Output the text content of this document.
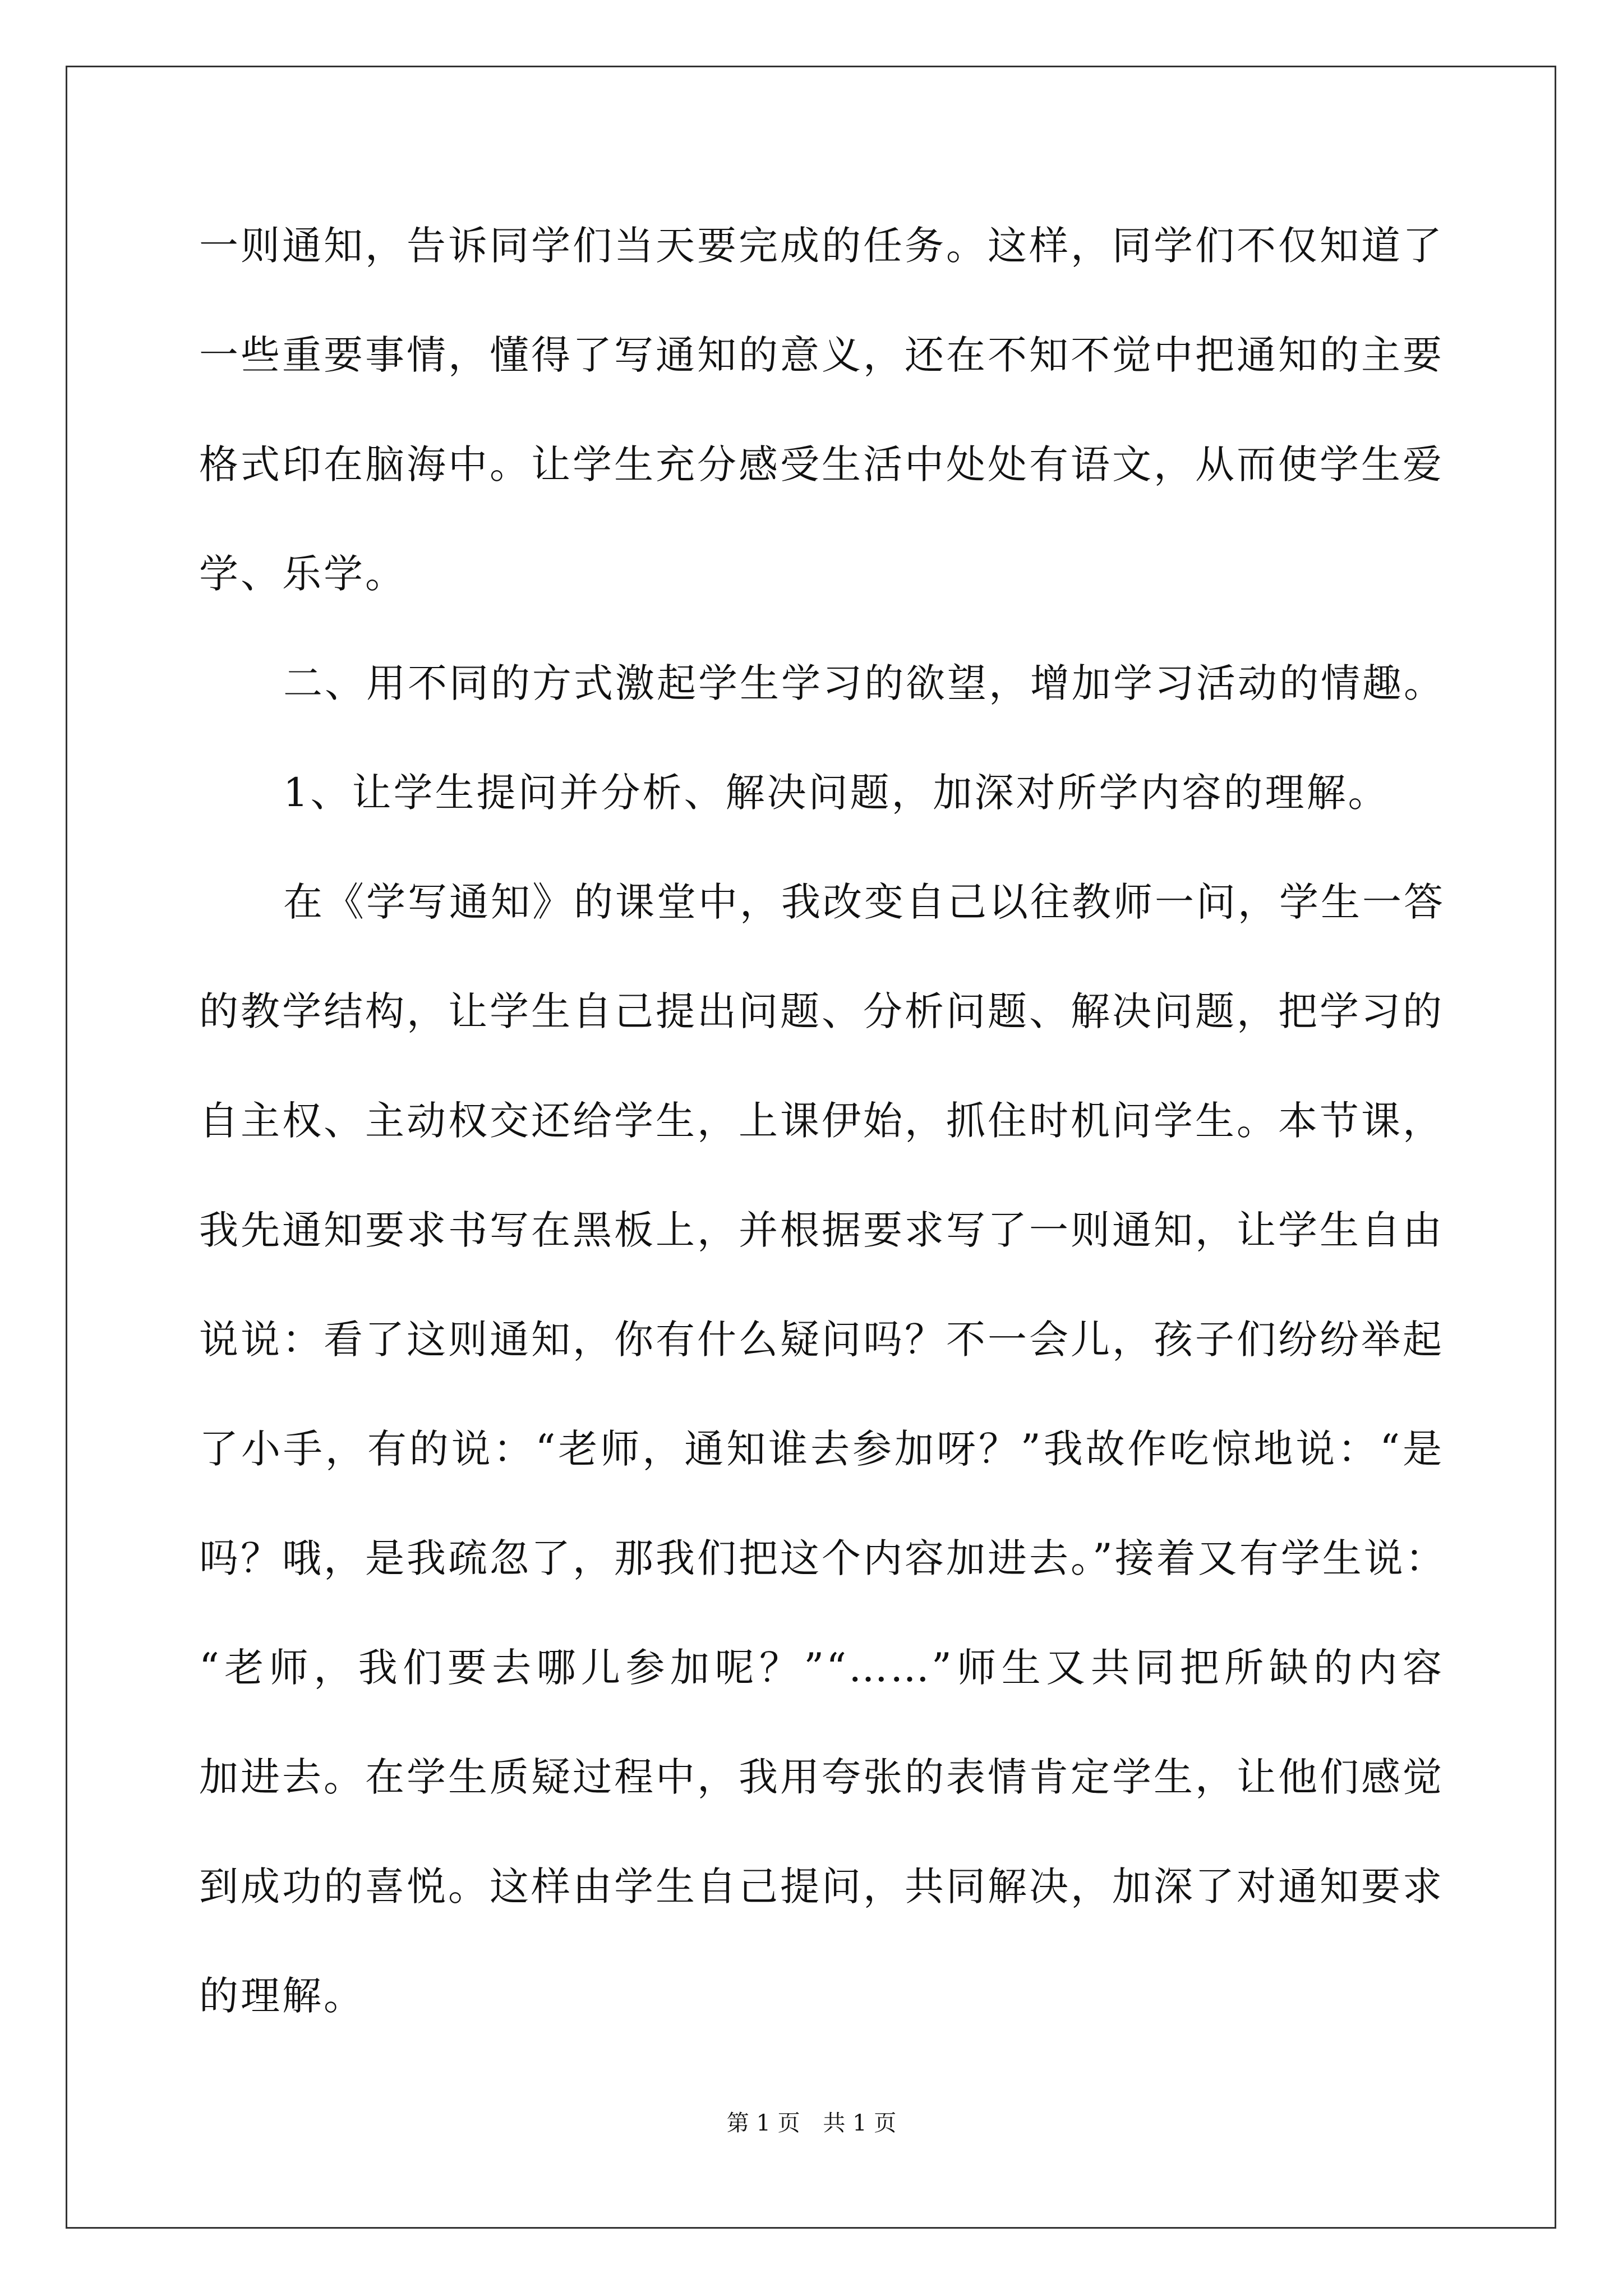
一则通知，告诉同学们当天要完成的任务。这样，同学们不仅知道了
一些重要事情，懂得了写通知的意义，还在不知不觉中把通知的主要
格式印在脑海中。让学生充分感受生活中处处有语文，从而使学生爱
学、乐学。
二、用不同的方式激起学生学习的欲望，增加学习活动的情趣。
1、让学生提问并分析、解决问题，加深对所学内容的理解。
在《学写通知》的课堂中，我改变自己以往教师一问，学生一答
的教学结构，让学生自己提出问题、分析问题、解决问题，把学习的
自主权、主动权交还给学生，上课伊始，抓住时机问学生。本节课，
我先通知要求书写在黑板上，并根据要求写了一则通知，让学生自由
说说：看了这则通知，你有什么疑问吗？不一会儿，孩子们纷纷举起
了小手，有的说：“老师，通知谁去参加呀？”我故作吃惊地说：“是
吗？哦，是我疏忽了，那我们把这个内容加进去。”接着又有学生说：
“老师，我们要去哪儿参加呢？”“……”师生又共同把所缺的内容
加进去。在学生质疑过程中，我用夸张的表情肯定学生，让他们感觉
到成功的喜悦。这样由学生自己提问，共同解决，加深了对通知要求
的理解。
第 1 页 共 1 页
